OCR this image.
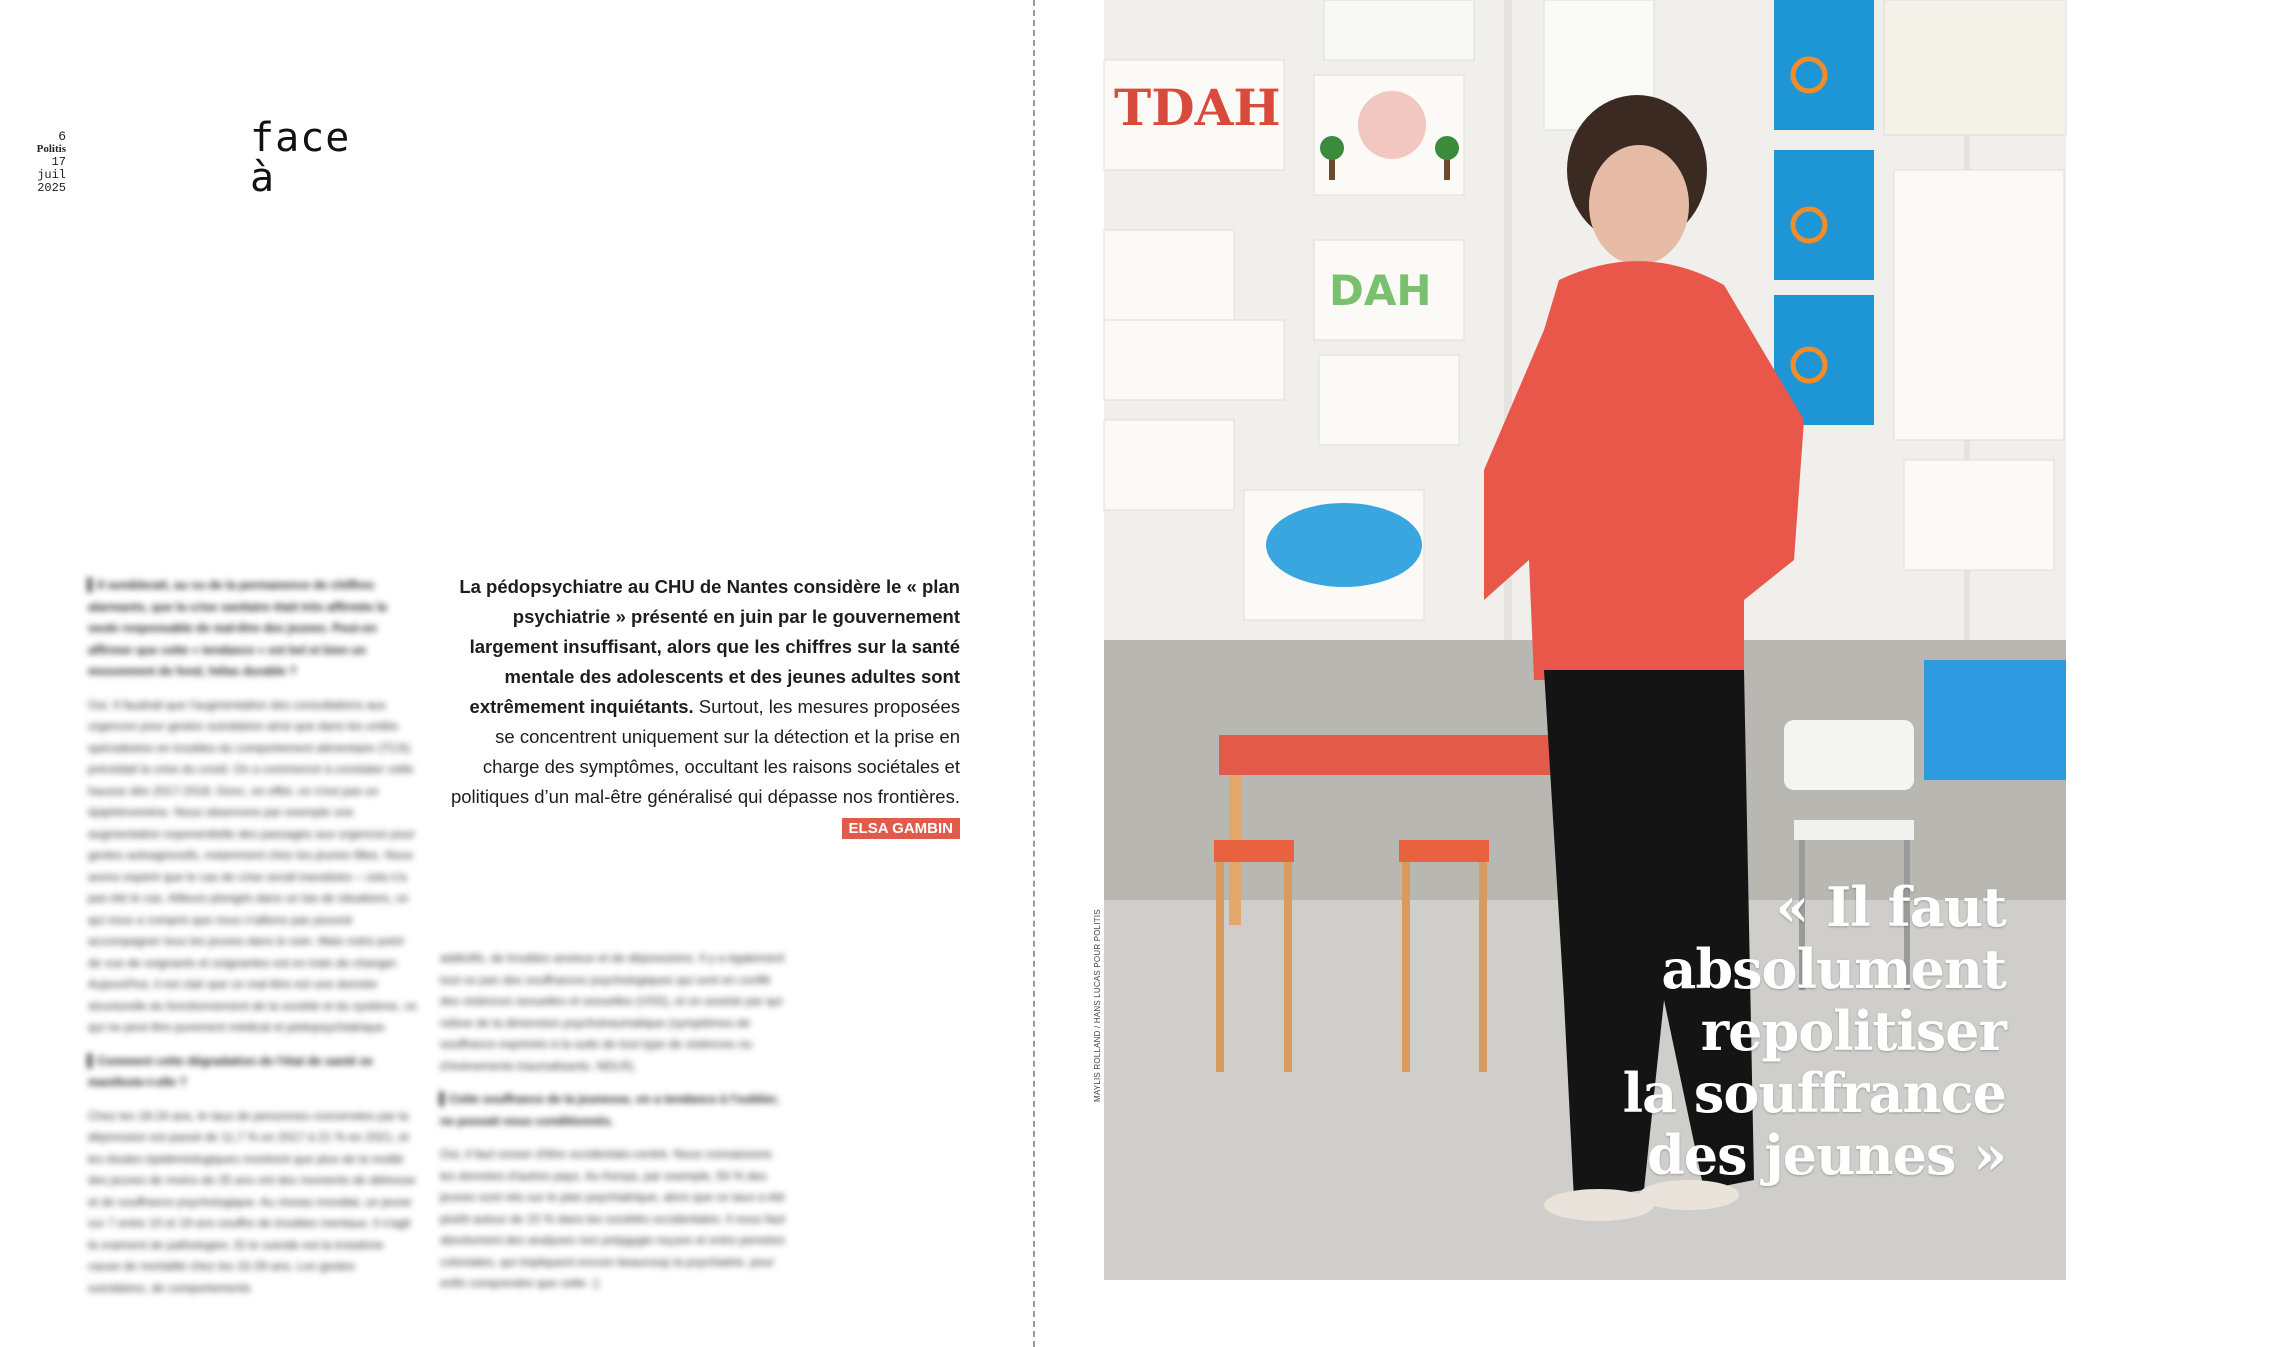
6
Politis
17
juil
2025
face
à
La pédopsychiatre au CHU de Nantes considère le « plan psychiatrie » présenté en juin par le gouvernement largement insuffisant, alors que les chiffres sur la santé mentale des adolescents et des jeunes adultes sont extrêmement inquiétants. Surtout, les mesures proposées se concentrent uniquement sur la détection et la prise en charge des symptômes, occultant les raisons sociétales et politiques d’un mal-être généralisé qui dépasse nos frontières.
ELSA GAMBIN

▍Il semblerait, au vu de la permanence de chiffres alarmants, que la crise sanitaire était très affirmée la seule responsable de mal-être des jeunes. Peut-on affirmer que cette « tendance » est bel et bien un mouvement de fond, hélas durable ?

Oui. Il faudrait que l'augmentation des consultations aux urgences pour gestes suicidaires ainsi que dans les unités spécialisées en troubles du comportement alimentaire (TCA) précédait la crise du covid. On a commencé à constater cette hausse dès 2017-2018. Donc, en effet, ce n'est pas un épiphénomène. Nous observons par exemple une augmentation exponentielle des passages aux urgences pour gestes autoagressifs, notamment chez les jeunes filles. Nous avons espéré que le cas de crise serait transitoire – cela n'a pas été le cas. Ailleurs plongés dans un tas de situations, ce qui nous a compris que nous n'allions pas pouvoir accompagner tous les jeunes dans le soin. Mais notre point de vue de soignants et soignantes est en train de changer. Aujourd'hui, il est clair que ce mal-être est une donnée structurelle du fonctionnement de la société et du système, ce qui ne peut être purement médical et pédopsychiatrique.

▍Comment cette dégradation de l'état de santé se manifeste-t-elle ?

Chez les 18-24 ans, le taux de personnes concernées par la dépression est passé de 11,7 % en 2017 à 21 % en 2021, et les études épidémiologiques montrent que plus de la moitié des jeunes de moins de 25 ans ont des moments de détresse et de souffrance psychologique. Au niveau mondial, un jeune sur 7 entre 10 et 19 ans souffre de troubles mentaux. Il s'agit là vraiment de pathologies. Et le suicide est la troisième cause de mortalité chez les 15-29 ans. Les gestes suicidaires, de comportements

addictifs, de troubles anxieux et de dépressions. Il y a également tout ce pan des souffrances psychologiques qui sont en conflit des violences sexuelles et sexuelles (VSS), et on assiste par qui relève de la dimension psychotraumatique (symptômes de souffrance exprimés à la suite de tout type de violences ou d'événements traumatisants. NDLR).

▍Cette souffrance de la jeunesse, on a tendance à l'oublier, ne pouvait nous conditionnés.

Oui, il faut cesser d'être occidentalo-centré. Nous connaissons les données d'autres pays. Au Kenya, par exemple, 50 % des jeunes sont nés sur le plan psychiatrique, alors que ce taux a été plutôt autour de 15 % dans les sociétés occidentales. Il nous faut absolument des analyses non polygygie reçues et entre pensées coloniales, qui impliquent encore beaucoup la psychiatrie, pour enfin comprendre que cette  ▯

TDAH
DAH
À Nantes, le 11 juillet.
« Il faut
absolument
repolitiser
la souffrance
des jeunes »
MAYLIS ROLLAND / HANS LUCAS POUR POLITIS
